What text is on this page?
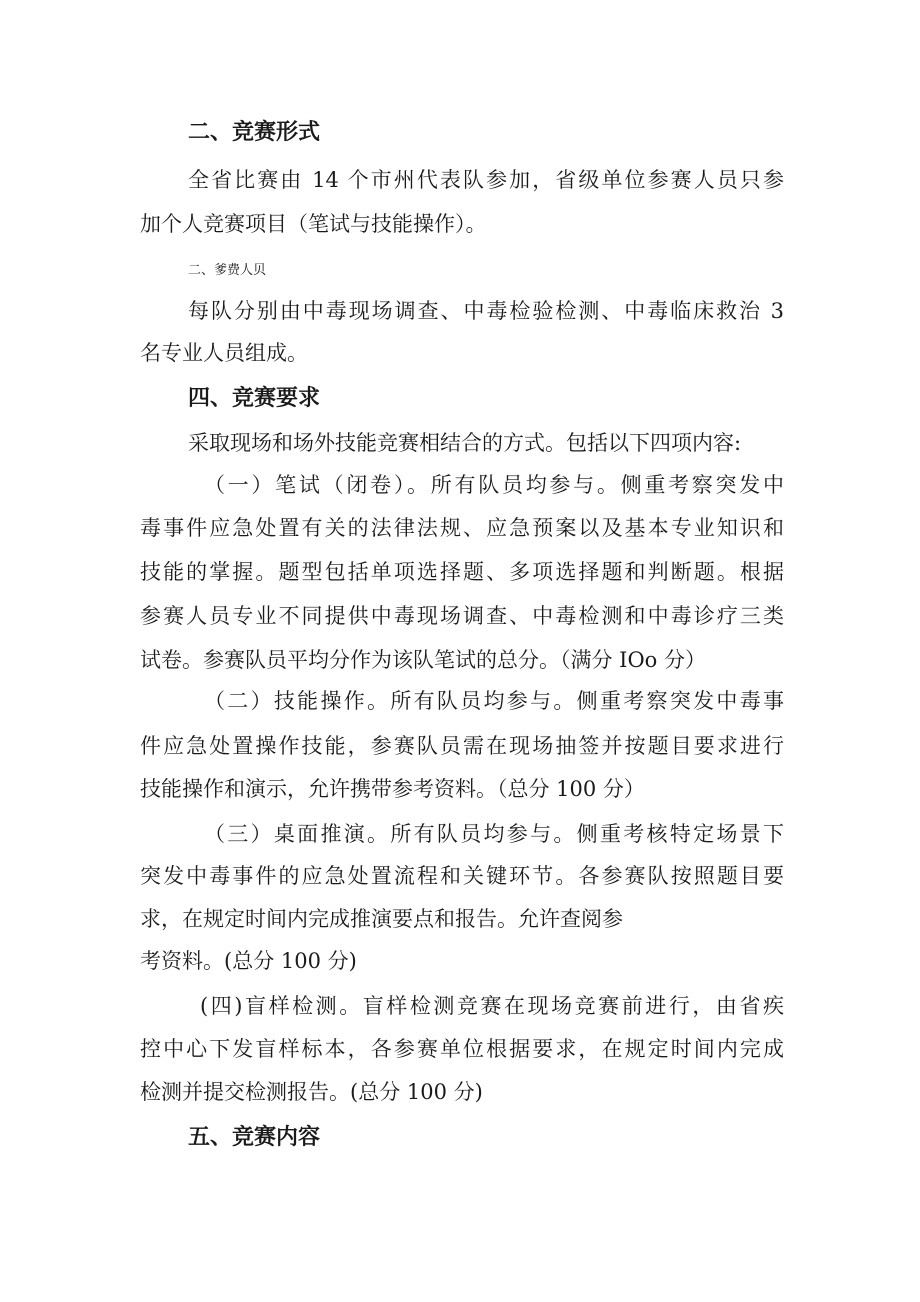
二、竞赛形式
全省比赛由 14 个市州代表队参加，省级单位参赛人员只参
加个人竞赛项目（笔试与技能操作）。
二、爹费人贝
每队分别由中毒现场调查、中毒检验检测、中毒临床救治 3
名专业人员组成。
四、竞赛要求
采取现场和场外技能竞赛相结合的方式。包括以下四项内容:
（一）笔试（闭卷）。所有队员均参与。侧重考察突发中
毒事件应急处置有关的法律法规、应急预案以及基本专业知识和
技能的掌握。题型包括单项选择题、多项选择题和判断题。根据
参赛人员专业不同提供中毒现场调查、中毒检测和中毒诊疗三类
试卷。参赛队员平均分作为该队笔试的总分。（满分 IOo 分）
（二）技能操作。所有队员均参与。侧重考察突发中毒事
件应急处置操作技能，参赛队员需在现场抽签并按题目要求进行
技能操作和演示，允许携带参考资料。（总分 100 分）
（三）桌面推演。所有队员均参与。侧重考核特定场景下
突发中毒事件的应急处置流程和关键环节。各参赛队按照题目要
求，在规定时间内完成推演要点和报告。允许查阅参
考资料。(总分 100 分)
(四)盲样检测。盲样检测竞赛在现场竞赛前进行，由省疾
控中心下发盲样标本，各参赛单位根据要求，在规定时间内完成
检测并提交检测报告。(总分 100 分)
五、竞赛内容
